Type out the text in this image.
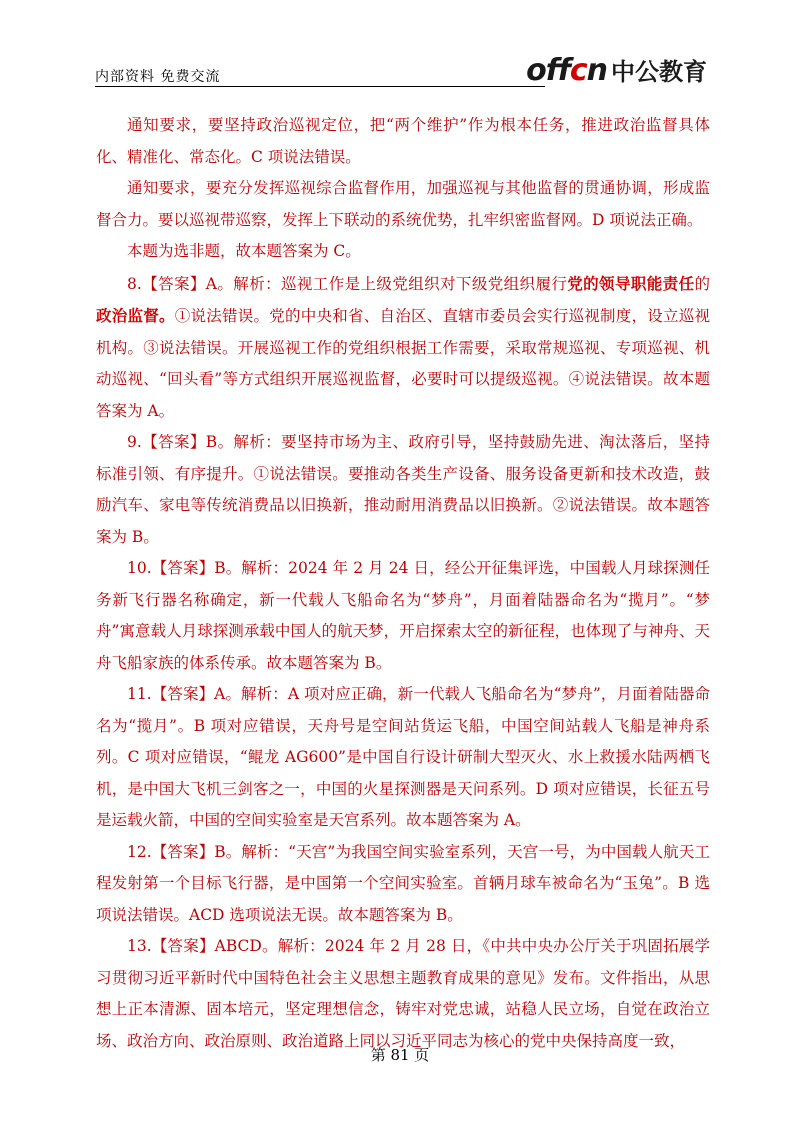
内部资料 免费交流	offcn 中公教育

通知要求，要坚持政治巡视定位，把“两个维护”作为根本任务，推进政治监督具体化、精准化、常态化。C 项说法错误。

通知要求，要充分发挥巡视综合监督作用，加强巡视与其他监督的贯通协调，形成监督合力。要以巡视带巡察，发挥上下联动的系统优势，扎牢织密监督网。D 项说法正确。

本题为选非题，故本题答案为 C。

8.【答案】A。解析：巡视工作是上级党组织对下级党组织履行党的领导职能责任的政治监督。①说法错误。党的中央和省、自治区、直辖市委员会实行巡视制度，设立巡视机构。③说法错误。开展巡视工作的党组织根据工作需要，采取常规巡视、专项巡视、机动巡视、“回头看”等方式组织开展巡视监督，必要时可以提级巡视。④说法错误。故本题答案为 A。

9.【答案】B。解析：要坚持市场为主、政府引导，坚持鼓励先进、淘汰落后，坚持标准引领、有序提升。①说法错误。要推动各类生产设备、服务设备更新和技术改造，鼓励汽车、家电等传统消费品以旧换新，推动耐用消费品以旧换新。②说法错误。故本题答案为 B。

10.【答案】B。解析：2024 年 2 月 24 日，经公开征集评选，中国载人月球探测任务新飞行器名称确定，新一代载人飞船命名为“梦舟”，月面着陆器命名为“揽月”。“梦舟”寓意载人月球探测承载中国人的航天梦，开启探索太空的新征程，也体现了与神舟、天舟飞船家族的体系传承。故本题答案为 B。

11.【答案】A。解析：A 项对应正确，新一代载人飞船命名为“梦舟”，月面着陆器命名为“揽月”。B 项对应错误，天舟号是空间站货运飞船，中国空间站载人飞船是神舟系列。C 项对应错误，“鲲龙 AG600”是中国自行设计研制大型灭火、水上救援水陆两栖飞机，是中国大飞机三剑客之一，中国的火星探测器是天问系列。D 项对应错误，长征五号是运载火箭，中国的空间实验室是天宫系列。故本题答案为 A。

12.【答案】B。解析：“天宫”为我国空间实验室系列，天宫一号，为中国载人航天工程发射第一个目标飞行器，是中国第一个空间实验室。首辆月球车被命名为“玉兔”。B 选项说法错误。ACD 选项说法无误。故本题答案为 B。

13.【答案】ABCD。解析：2024 年 2 月 28 日，《中共中央办公厅关于巩固拓展学习贯彻习近平新时代中国特色社会主义思想主题教育成果的意见》发布。文件指出，从思想上正本清源、固本培元，坚定理想信念，铸牢对党忠诚，站稳人民立场，自觉在政治立场、政治方向、政治原则、政治道路上同以习近平同志为核心的党中央保持高度一致，

第 81 页
